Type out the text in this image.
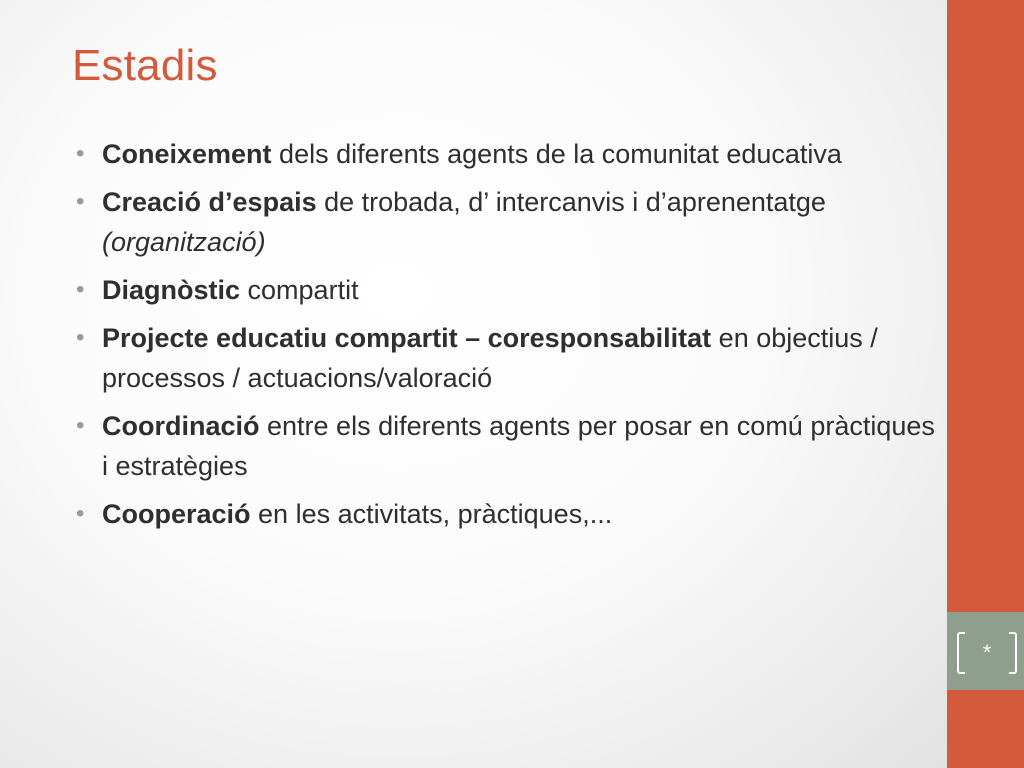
*
Estadis
• Coneixement dels diferents agents de la comunitat educativa
• Creació d’espais de trobada, d’ intercanvis i d’aprenentatge (organització)
• Diagnòstic compartit
• Projecte educatiu compartit – coresponsabilitat en objectius / processos / actuacions/valoració
• Coordinació entre els diferents agents per posar en comú pràctiques i estratègies
• Cooperació en les activitats, pràctiques,...
